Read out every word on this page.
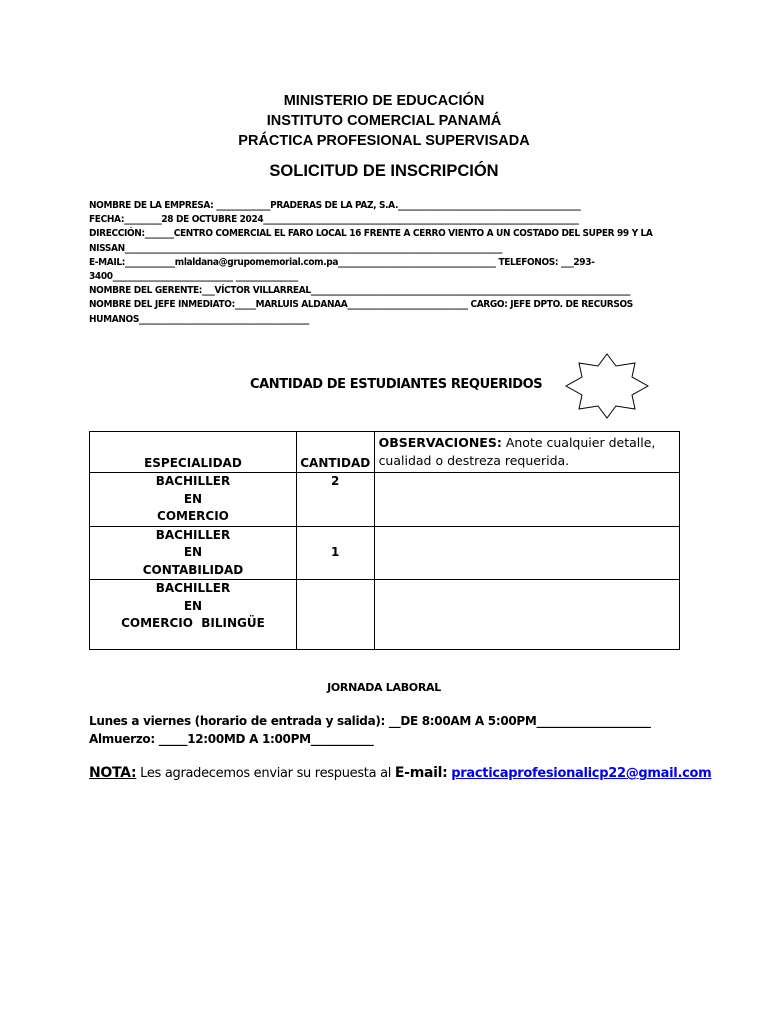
MINISTERIO DE EDUCACIÓN
INSTITUTO COMERCIAL PANAMÁ
PRÁCTICA PROFESIONAL SUPERVISADA
SOLICITUD DE INSCRIPCIÓN

NOMBRE DE LA EMPRESA: _____________PRADERAS DE LA PAZ, S.A.____________________________________________

FECHA:_________28 DE OCTUBRE 2024____________________________________________________________________________

DIRECCIÓN:_______CENTRO COMERCIAL EL FARO LOCAL 16 FRENTE A CERRO VIENTO A UN COSTADO DEL SUPER 99 Y LA NISSAN___________________________________________________________________________________________

E-MAIL:____________mlaldana@grupomemorial.com.pa______________________________________ TELEFONOS: ___293-3400_____________________________ _______________

NOMBRE DEL GERENTE:___VÍCTOR VILLARREAL_____________________________________________________________________________

NOMBRE DEL JEFE INMEDIATO:_____MARLUIS ALDANAA_____________________________ CARGO: JEFE DPTO. DE RECURSOS HUMANOS_________________________________________

CANTIDAD DE ESTUDIANTES REQUERIDOS
ESPECIALIDAD	CANTIDAD	OBSERVACIONES: Anote cualquier detalle, cualidad o destreza requerida.

BACHILLER
EN
COMERCIO	2	

BACHILLER
EN
CONTABILIDAD	1	

BACHILLER
EN
COMERCIO  BILINGÜE		

JORNADA LABORAL

Lunes a viernes (horario de entrada y salida): __DE 8:00AM A 5:00PM____________________

Almuerzo: _____12:00MD A 1:00PM___________

NOTA: Les agradecemos enviar su respuesta al E-mail: practicaprofesionalicp22@gmail.com
